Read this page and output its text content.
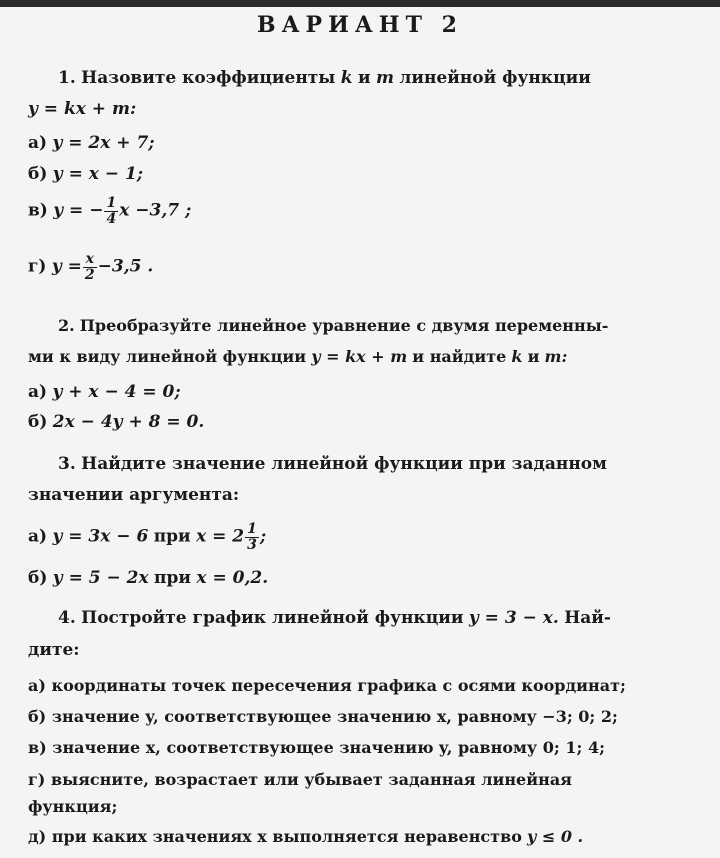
ВАРИАНТ 2
1. Назовите коэффициенты k и m линейной функции
y = kx + m:
а) y = 2x + 7;
б) y = x − 1;
в) y = − $\frac{1}{4}$ x −3,7 ;
г) $y = \frac{x}{2} -3,5$ .
2. Преобразуйте линейное уравнение с двумя переменны-
ми к виду линейной функции y = kx + m и найдите k и m:
а) y + x − 4 = 0;
б) 2x − 4y + 8 = 0.
3. Найдите значение линейной функции при заданном
значении аргумента:
а) y = 3x − 6 при $x = 2 \frac{1}{3}$ ;
б) y = 5 − 2x при x = 0,2.
4. Постройте график линейной функции y = 3 − x. Най-
дите:
а) координаты точек пересечения графика с осями координат;
б) значение y, соответствующее значению x, равному −3; 0; 2;
в) значение x, соответствующее значению y, равному 0; 1; 4;
г) выясните, возрастает или убывает заданная линейная
функция;
д) при каких значениях x выполняется неравенство y ≤ 0 .
